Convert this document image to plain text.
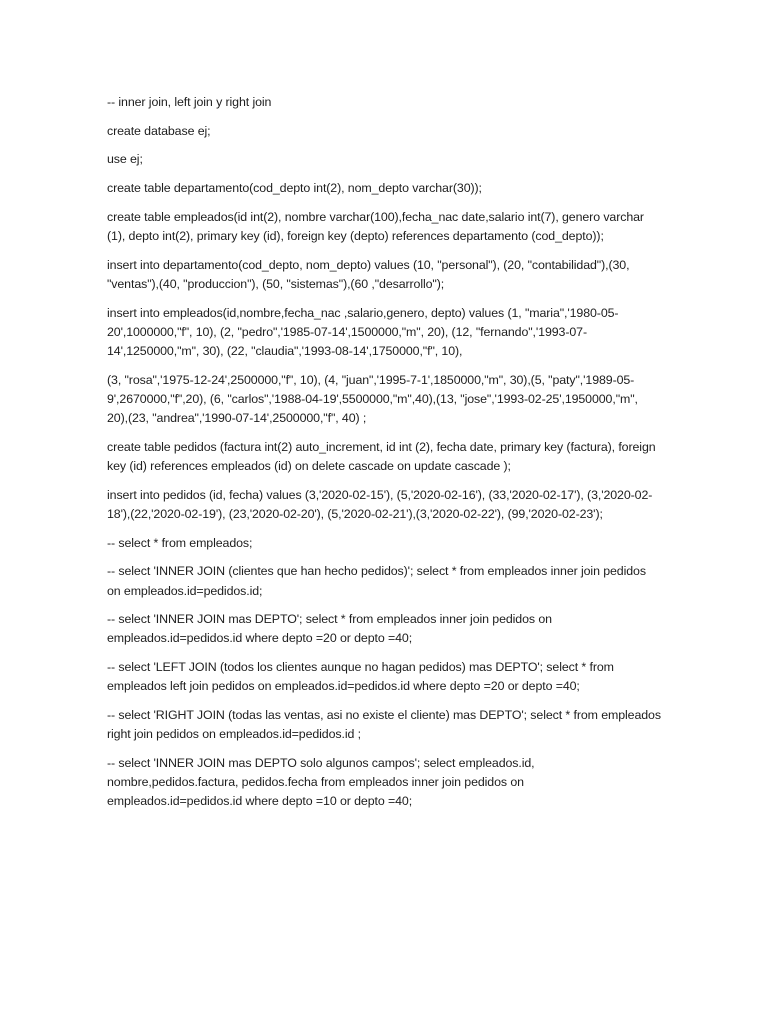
-- inner join, left join y right join

create database ej;

use ej;

create table departamento(cod_depto int(2), nom_depto varchar(30));

create table empleados(id int(2), nombre varchar(100),fecha_nac date,salario int(7), genero varchar (1), depto int(2), primary key (id), foreign key (depto) references departamento (cod_depto));

insert into departamento(cod_depto, nom_depto) values (10, "personal"), (20, "contabilidad"),(30, "ventas"),(40, "produccion"), (50, "sistemas"),(60 ,"desarrollo");

insert into empleados(id,nombre,fecha_nac ,salario,genero, depto) values (1, "maria",'1980-05-20',1000000,"f", 10), (2, "pedro",'1985-07-14',1500000,"m", 20), (12, "fernando",'1993-07-14',1250000,"m", 30), (22, "claudia",'1993-08-14',1750000,"f", 10),

(3, "rosa",'1975-12-24',2500000,"f", 10), (4, "juan",'1995-7-1',1850000,"m", 30),(5, "paty",'1989-05-9',2670000,"f",20), (6, "carlos",'1988-04-19',5500000,"m",40),(13, "jose",'1993-02-25',1950000,"m", 20),(23, "andrea",'1990-07-14',2500000,"f", 40) ;

create table pedidos (factura int(2) auto_increment, id int (2), fecha date, primary key (factura), foreign key (id) references empleados (id) on delete cascade on update cascade );

insert into pedidos (id, fecha) values (3,'2020-02-15'), (5,'2020-02-16'), (33,'2020-02-17'), (3,'2020-02-18'),(22,'2020-02-19'), (23,'2020-02-20'), (5,'2020-02-21'),(3,'2020-02-22'), (99,'2020-02-23');

-- select * from empleados;

-- select 'INNER JOIN (clientes que han hecho pedidos)'; select * from empleados inner join pedidos on empleados.id=pedidos.id;

-- select 'INNER JOIN mas DEPTO'; select * from empleados inner join pedidos on empleados.id=pedidos.id where depto =20 or depto =40;

-- select 'LEFT JOIN (todos los clientes aunque no hagan pedidos) mas DEPTO'; select * from empleados left join pedidos on empleados.id=pedidos.id where depto =20 or depto =40;

-- select 'RIGHT JOIN (todas las ventas, asi no existe el cliente) mas DEPTO'; select * from empleados right join pedidos on empleados.id=pedidos.id ;

-- select 'INNER JOIN mas DEPTO solo algunos campos'; select empleados.id, nombre,pedidos.factura, pedidos.fecha from empleados inner join pedidos on empleados.id=pedidos.id where depto =10 or depto =40;
